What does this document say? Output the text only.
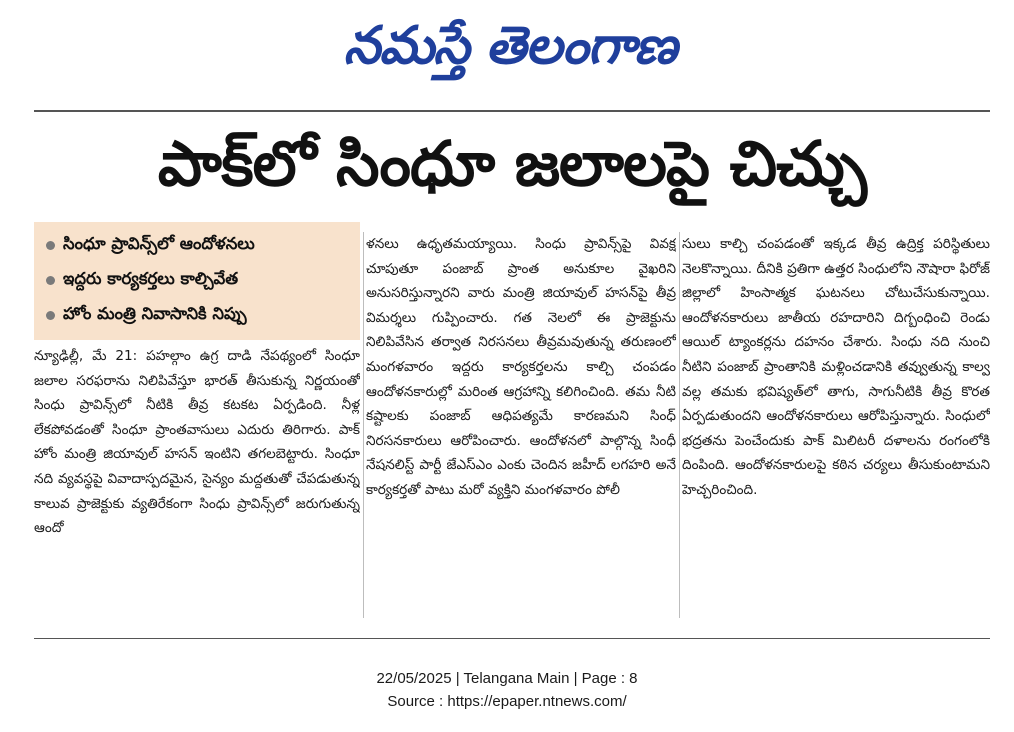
నమస్తే తెలంగాణ
పాక్‌లో సింధూ జలాలపై చిచ్చు
సింధూ ప్రావిన్స్‌లో ఆందోళనలు
ఇద్దరు కార్యకర్తలు కాల్చివేత
హోం మంత్రి నివాసానికి నిప్పు

న్యూఢిల్లీ, మే 21: పహల్గాం ఉగ్ర దాడి నేపథ్యంలో సింధూ జలాల సరఫరాను నిలిపివేస్తూ భారత్ తీసుకున్న నిర్ణయంతో సింధు ప్రావిన్స్‌లో నీటికి తీవ్ర కటకట ఏర్పడింది. నీళ్ల లేకపోవడంతో సింధూ ప్రాంతవాసులు ఎదురు తిరిగారు. పాక్ హోం మంత్రి జియావుల్ హసన్ ఇంటిని తగలబెట్టారు. సింధూ నది వ్యవస్థపై వివాదాస్పదమైన, సైన్యం మద్దతుతో చేపడుతున్న కాలువ ప్రాజెక్టుకు వ్యతిరేకంగా సింధు ప్రావిన్స్‌లో జరుగుతున్న ఆందో

ళనలు ఉధృతమయ్యాయి. సింధు ప్రావిన్స్‌పై వివక్ష చూపుతూ పంజాబ్ ప్రాంత అనుకూల వైఖరిని అనుసరిస్తున్నారని వారు మంత్రి జియావుల్ హసన్‌పై తీవ్ర విమర్శలు గుప్పించారు. గత నెలలో ఈ ప్రాజెక్టును నిలిపివేసిన తర్వాత నిరసనలు తీవ్రమవుతున్న తరుణంలో మంగళవారం ఇద్దరు కార్యకర్తలను కాల్చి చంపడం ఆందోళనకారుల్లో మరింత ఆగ్రహాన్ని కలిగించింది. తమ నీటి కష్టాలకు పంజాబ్ ఆధిపత్యమే కారణమని సింధ్ నిరసనకారులు ఆరోపించారు. ఆందోళనలో పాల్గొన్న సింధీ నేషనలిస్ట్ పార్టీ జేఎస్ఎం ఎంకు చెందిన జహీద్ లగహరి అనే కార్యకర్తతో పాటు మరో వ్యక్తిని మంగళవారం పోలీ

సులు కాల్చి చంపడంతో ఇక్కడ తీవ్ర ఉద్రిక్త పరిస్థితులు నెలకొన్నాయి. దీనికి ప్రతిగా ఉత్తర సింధులోని నౌషారా ఫిరోజ్ జిల్లాలో హింసాత్మక ఘటనలు చోటుచేసుకున్నాయి. ఆందోళనకారులు జాతీయ రహదారిని దిగ్బంధించి రెండు ఆయిల్ ట్యాంకర్లను దహనం చేశారు. సింధు నది నుంచి నీటిని పంజాబ్ ప్రాంతానికి మళ్లించడానికి తవ్వుతున్న కాల్వ వల్ల తమకు భవిష్యత్‌లో తాగు, సాగునీటికి తీవ్ర కొరత ఏర్పడుతుందని ఆందోళనకారులు ఆరోపిస్తున్నారు. సింధులో భద్రతను పెంచేందుకు పాక్ మిలిటరీ దళాలను రంగంలోకి దింపింది. ఆందోళనకారులపై కఠిన చర్యలు తీసుకుంటామని హెచ్చరించింది.

22/05/2025 | Telangana Main | Page : 8
Source : https://epaper.ntnews.com/
